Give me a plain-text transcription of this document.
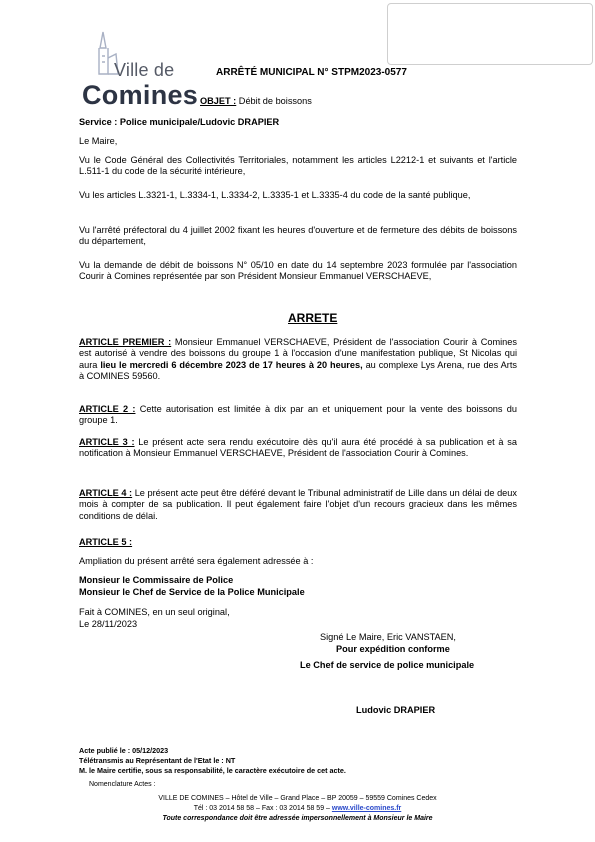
Ville de
Comines
ARRÊTÉ MUNICIPAL N° STPM2023-0577
OBJET : Débit de boissons
Service : Police municipale/Ludovic DRAPIER
Le Maire,
Vu le Code Général des Collectivités Territoriales, notamment les articles L2212-1 et suivants et l'article L.511-1 du code de la sécurité intérieure,
Vu les articles L.3321-1, L.3334-1, L.3334-2, L.3335-1 et L.3335-4 du code de la santé publique,
Vu l'arrêté préfectoral du 4 juillet 2002 fixant les heures d'ouverture et de fermeture des débits de boissons du département,
Vu la demande de débit de boissons N° 05/10 en date du 14 septembre 2023 formulée par l'association Courir à Comines représentée par son Président Monsieur Emmanuel VERSCHAEVE,
ARRETE
ARTICLE PREMIER : Monsieur Emmanuel VERSCHAEVE, Président de l'association Courir à Comines est autorisé à vendre des boissons du groupe 1 à l'occasion d'une manifestation publique, St Nicolas qui aura lieu le mercredi 6 décembre 2023 de 17 heures à 20 heures, au complexe Lys Arena, rue des Arts à COMINES 59560.
ARTICLE 2 : Cette autorisation est limitée à dix par an et uniquement pour la vente des boissons du groupe 1.
ARTICLE 3 : Le présent acte sera rendu exécutoire dès qu'il aura été procédé à sa publication et à sa notification à Monsieur Emmanuel VERSCHAEVE, Président de l'association Courir à Comines.
ARTICLE 4 : Le présent acte peut être déféré devant le Tribunal administratif de Lille dans un délai de deux mois à compter de sa publication. Il peut également faire l'objet d'un recours gracieux dans les mêmes conditions de délai.
ARTICLE 5 :
Ampliation du présent arrêté sera également adressée à :
Monsieur le Commissaire de Police
Monsieur le Chef de Service de la Police Municipale
Fait à COMINES, en un seul original,
Le 28/11/2023
Signé Le Maire, Eric VANSTAEN,
Pour expédition conforme
Le Chef de service de police municipale
Ludovic DRAPIER
Acte publié le : 05/12/2023
Télétransmis au Représentant de l'Etat le : NT
M. le Maire certifie, sous sa responsabilité, le caractère exécutoire de cet acte.
Nomenclature Actes :
VILLE DE COMINES – Hôtel de Ville – Grand Place – BP 20059 – 59559 Comines Cedex
Tél : 03 2014 58 58 – Fax : 03 2014 58 59 – www.ville-comines.fr
Toute correspondance doit être adressée impersonnellement à Monsieur le Maire
